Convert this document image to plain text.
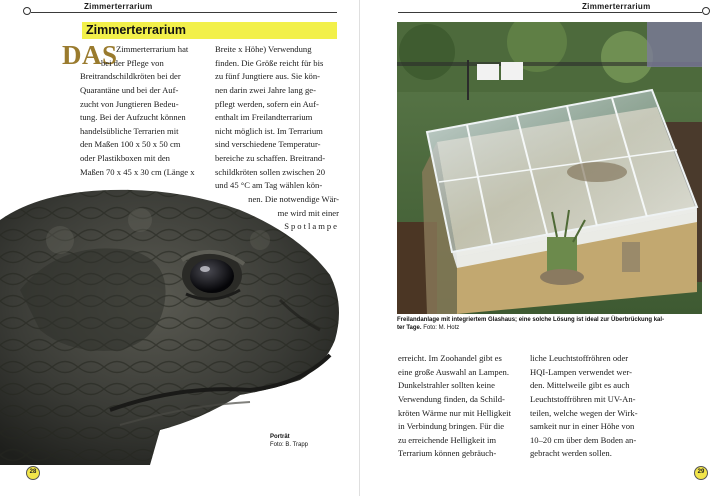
Zimmerterrarium
Zimmerterrarium
DAS
Zimmerterrarium hat
bei der Pflege von
Breitrandschildkröten bei der
Quarantäne und bei der Auf-
zucht von Jungtieren Bedeu-
tung. Bei der Aufzucht können
handelsübliche Terrarien mit
den Maßen 100 x 50 x 50 cm
oder Plastikboxen mit den
Maßen 70 x 45 x 30 cm (Länge x
Breite x Höhe) Verwendung
finden. Die Größe reicht für bis
zu fünf Jungtiere aus. Sie kön-
nen darin zwei Jahre lang ge-
pflegt werden, sofern ein Auf-
enthalt im Freilandterrarium
nicht möglich ist. Im Terrarium
sind verschiedene Temperatur-
bereiche zu schaffen. Breitrand-
schildkröten sollen zwischen 20
und 45 °C am Tag wählen kön-
nen. Die notwendige Wär-
me wird mit einer
Spotlampe
Porträt
Foto: B. Trapp
28
Zimmerterrarium
Freilandanlage mit integriertem Glashaus; eine solche Lösung ist ideal zur Überbrückung kal-
ter Tage. Foto: M. Hotz
erreicht. Im Zoohandel gibt es
eine große Auswahl an Lampen.
Dunkelstrahler sollten keine
Verwendung finden, da Schild-
kröten Wärme nur mit Helligkeit
in Verbindung bringen. Für die
zu erreichende Helligkeit im
Terrarium können gebräuch-
liche Leuchtstoffröhren oder
HQI-Lampen verwendet wer-
den. Mittelweile gibt es auch
Leuchtstoffröhren mit UV-An-
teilen, welche wegen der Wirk-
samkeit nur in einer Höhe von
10–20 cm über dem Boden an-
gebracht werden sollen.
29
